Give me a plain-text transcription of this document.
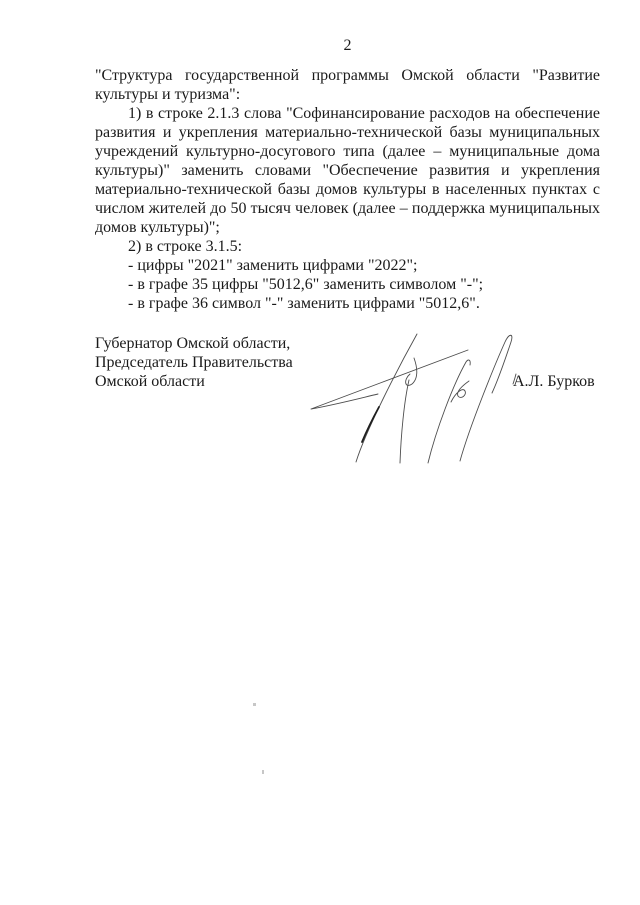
2

"Структура государственной программы Омской области "Развитие культуры и туризма":

1) в строке 2.1.3 слова "Софинансирование расходов на обеспечение развития и укрепления материально-технической базы муниципальных учреждений культурно-досугового типа (далее – муниципальные дома культуры)" заменить словами "Обеспечение развития и укрепления материально-технической базы домов культуры в населенных пунктах с числом жителей до 50 тысяч человек (далее – поддержка муниципальных домов культуры)";

2) в строке 3.1.5:

- цифры "2021" заменить цифрами "2022";

- в графе 35 цифры "5012,6" заменить символом "-";

- в графе 36 символ "-" заменить цифрами "5012,6".

Губернатор Омской области,
Председатель Правительства
Омской области	А.Л. Бурков
